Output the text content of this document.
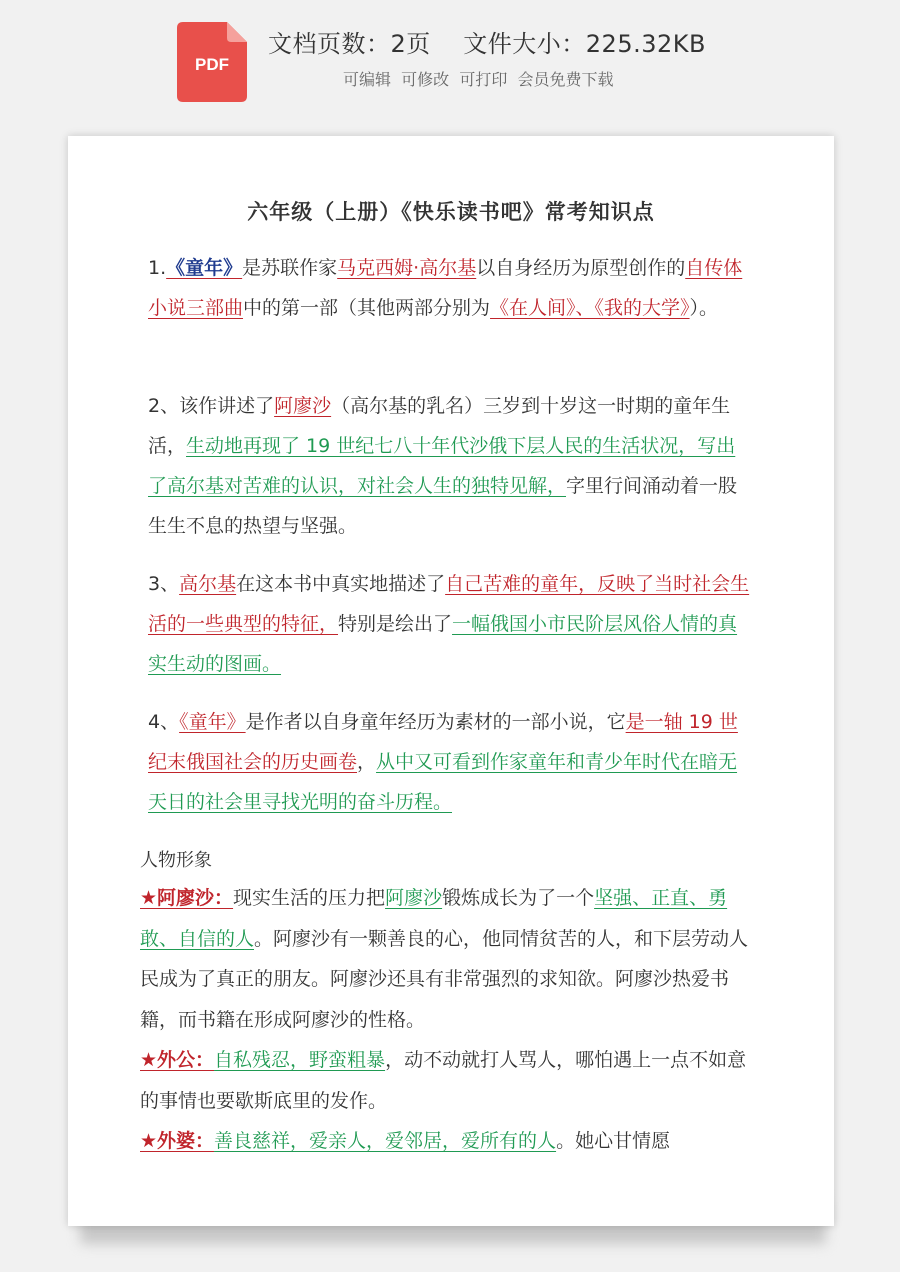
PDF
文档页数：2页    文件大小：225.32KB
可编辑  可修改  可打印  会员免费下载
六年级（上册）《快乐读书吧》常考知识点
1.《童年》是苏联作家马克西姆·高尔基以自身经历为原型创作的自传体小说三部曲中的第一部（其他两部分别为《在人间》、《我的大学》）。
2、该作讲述了阿廖沙（高尔基的乳名）三岁到十岁这一时期的童年生活，生动地再现了 19 世纪七八十年代沙俄下层人民的生活状况，写出了高尔基对苦难的认识，对社会人生的独特见解，字里行间涌动着一股生生不息的热望与坚强。
3、高尔基在这本书中真实地描述了自己苦难的童年，反映了当时社会生活的一些典型的特征，特别是绘出了一幅俄国小市民阶层风俗人情的真实生动的图画。
4、《童年》是作者以自身童年经历为素材的一部小说，它是一轴 19 世纪末俄国社会的历史画卷，从中又可看到作家童年和青少年时代在暗无天日的社会里寻找光明的奋斗历程。
人物形象
★阿廖沙：现实生活的压力把阿廖沙锻炼成长为了一个坚强、正直、勇敢、自信的人。阿廖沙有一颗善良的心，他同情贫苦的人，和下层劳动人民成为了真正的朋友。阿廖沙还具有非常强烈的求知欲。阿廖沙热爱书籍，而书籍在形成阿廖沙的性格。
★外公：自私残忍，野蛮粗暴，动不动就打人骂人，哪怕遇上一点不如意的事情也要歇斯底里的发作。
★外婆：善良慈祥，爱亲人，爱邻居，爱所有的人。她心甘情愿
